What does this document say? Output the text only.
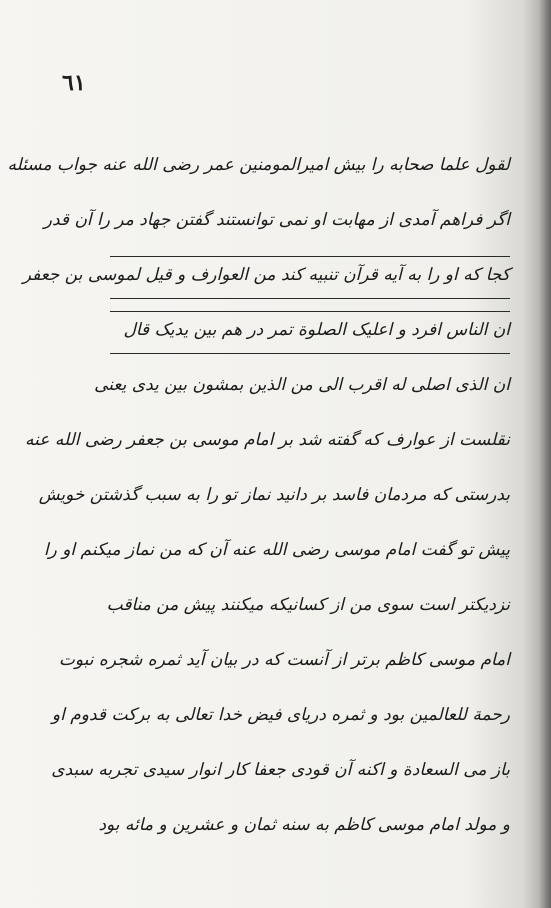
٦١
لقول علما صحابه را بیش امیرالمومنین عمر رضی الله عنه جواب مسئله
اگر فراهم آمدی از مهابت او نمی توانستند گفتن جهاد مر را آن قدر
کجا که او را به آیه قرآن تنبیه کند من العوارف و قیل لموسی بن جعفر
ان الناس افرد و اعلیک الصلوة تمر در هم بین یدیک قال
ان الذی اصلی له اقرب الی من الذین بمشون بین یدی یعنی
نقلست از عوارف که گفته شد بر امام موسی بن جعفر رضی الله عنه
بدرستی که مردمان فاسد بر دانید نماز تو را به سبب گذشتن خویش
پیش تو گفت امام موسی رضی الله عنه آن که من نماز میکنم او را
نزدیکتر است سوی من از کسانیکه میکنند پیش من مناقب
امام موسی کاظم برتر از آنست که در بیان آید ثمره شجره نبوت
رحمة للعالمین بود و ثمره دریای فیض خدا تعالی به برکت قدوم او
باز می السعادة و اکنه آن قودی جعفا کار انوار سیدی تجربه سبدی
و مولد امام موسی کاظم به سنه ثمان و عشرین و مائه بود
